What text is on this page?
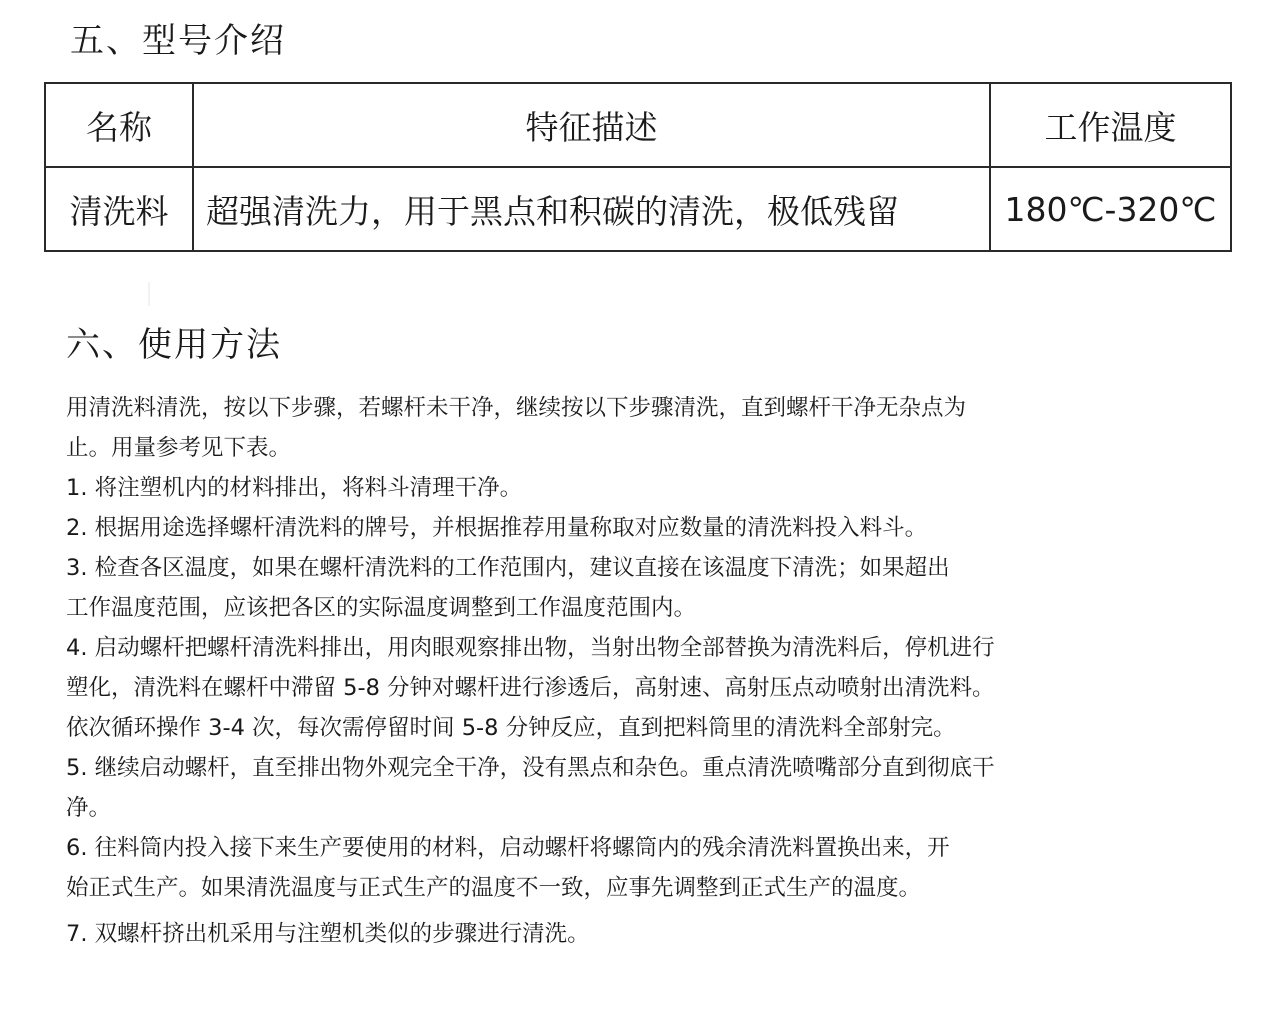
五、型号介绍
名称	特征描述	工作温度
清洗料	超强清洗力，用于黑点和积碳的清洗，极低残留	180℃-320℃
六、使用方法
用清洗料清洗，按以下步骤，若螺杆未干净，继续按以下步骤清洗，直到螺杆干净无杂点为
止。用量参考见下表。
1. 将注塑机内的材料排出，将料斗清理干净。
2. 根据用途选择螺杆清洗料的牌号，并根据推荐用量称取对应数量的清洗料投入料斗。
3. 检查各区温度，如果在螺杆清洗料的工作范围内，建议直接在该温度下清洗；如果超出
工作温度范围，应该把各区的实际温度调整到工作温度范围内。
4. 启动螺杆把螺杆清洗料排出，用肉眼观察排出物，当射出物全部替换为清洗料后，停机进行
塑化，清洗料在螺杆中滞留 5-8 分钟对螺杆进行渗透后，高射速、高射压点动喷射出清洗料。
依次循环操作 3-4 次，每次需停留时间 5-8 分钟反应，直到把料筒里的清洗料全部射完。
5. 继续启动螺杆，直至排出物外观完全干净，没有黑点和杂色。重点清洗喷嘴部分直到彻底干
净。
6. 往料筒内投入接下来生产要使用的材料，启动螺杆将螺筒内的残余清洗料置换出来，开
始正式生产。如果清洗温度与正式生产的温度不一致，应事先调整到正式生产的温度。
7. 双螺杆挤出机采用与注塑机类似的步骤进行清洗。
